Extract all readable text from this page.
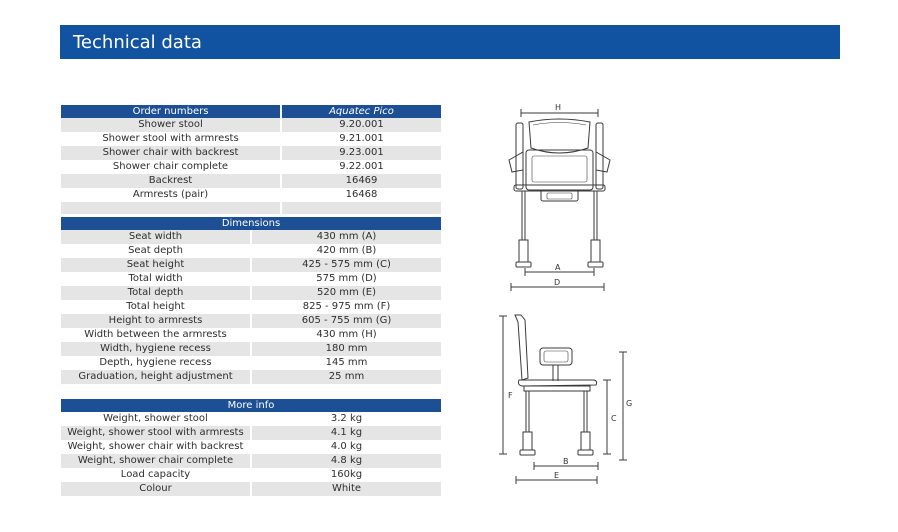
Technical data
Order numbers	Aquatec Pico
Shower stool	9.20.001
Shower stool with armrests	9.21.001
Shower chair with backrest	9.23.001
Shower chair complete	9.22.001
Backrest	16469
Armrests (pair)	16468

Dimensions	
Seat width	430 mm (A)
Seat depth	420 mm (B)
Seat height	425 - 575 mm (C)
Total width	575 mm (D)
Total depth	520 mm (E)
Total height	825 - 975 mm (F)
Height to armrests	605 - 755 mm (G)
Width between the armrests	430 mm (H)
Width, hygiene recess	180 mm
Depth, hygiene recess	145 mm
Graduation, height adjustment	25 mm
More info	
Weight, shower stool	3.2 kg
Weight, shower stool with armrests	4.1 kg
Weight, shower chair with backrest	4.0 kg
Weight, shower chair complete	4.8 kg
Load capacity	160kg
Colour	White
H
A
D
F
C
G
B
E
